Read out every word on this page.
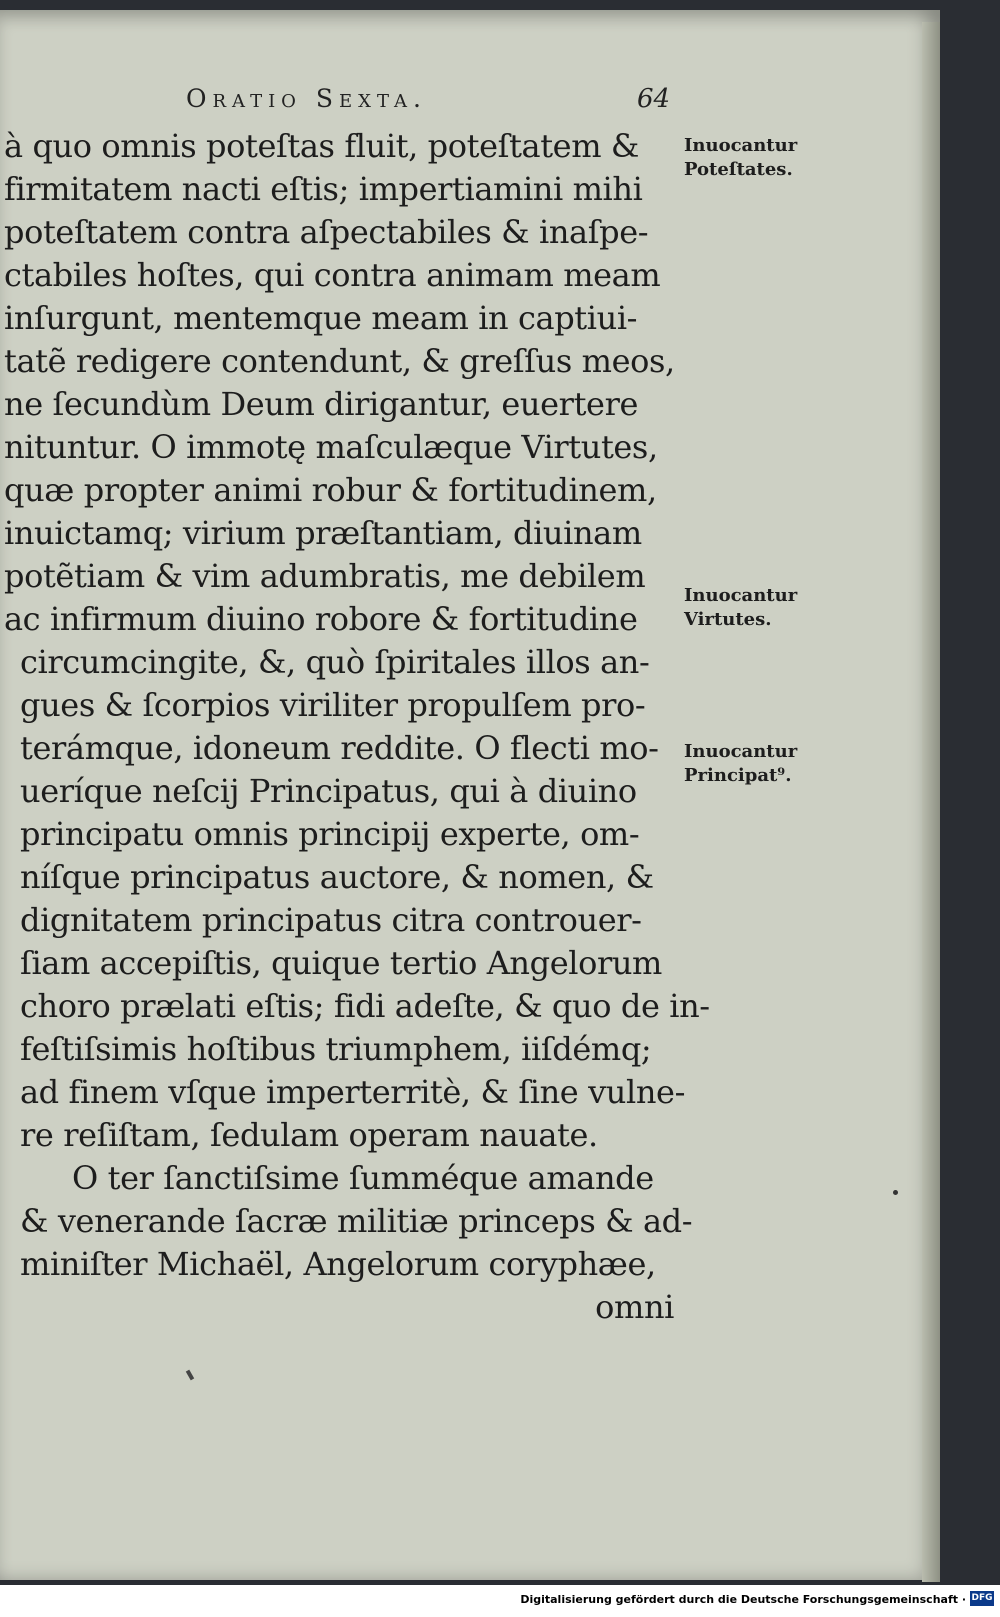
Oratio Sexta.	64
à quo omnis poteſtas fluit, poteſtatem &
firmitatem nacti eſtis; impertiamini mihi
poteſtatem contra aſpectabiles & inaſpe-
ctabiles hoſtes, qui contra animam meam
inſurgunt, mentemque meam in captiui-
tatẽ redigere contendunt, & greſſus meos,
ne ſecundùm Deum dirigantur, euertere
nituntur. O immotę maſculæque Virtutes,
quæ propter animi robur & fortitudinem,
inuictamq; virium præſtantiam, diuinam
potẽtiam & vim adumbratis, me debilem
ac infirmum diuino robore & fortitudine
circumcingite, &, quò ſpiritales illos an-
gues & ſcorpios viriliter propulſem pro-
terámque, idoneum reddite. O flecti mo-
ueríque neſcij Principatus, qui à diuino
principatu omnis principij experte, om-
níſque principatus auctore, & nomen, &
dignitatem principatus citra controuer-
ſiam accepiſtis, quique tertio Angelorum
choro prælati eſtis; fidi adeſte, & quo de in-
feſtiſsimis hoſtibus triumphem, iiſdémq;
ad finem vſque imperterritè, & ſine vulne-
re reſiſtam, ſedulam operam nauate.
O ter ſanctiſsime ſumméque amande
& venerande ſacræ militiæ princeps & ad-
miniſter Michaël, Angelorum coryphæe,
omni
Inuocantur
Poteſtates.
Inuocantur
Virtutes.
Inuocantur
Principat⁹.
Digitalisierung gefördert durch die Deutsche Forschungsgemeinschaft · DFG
